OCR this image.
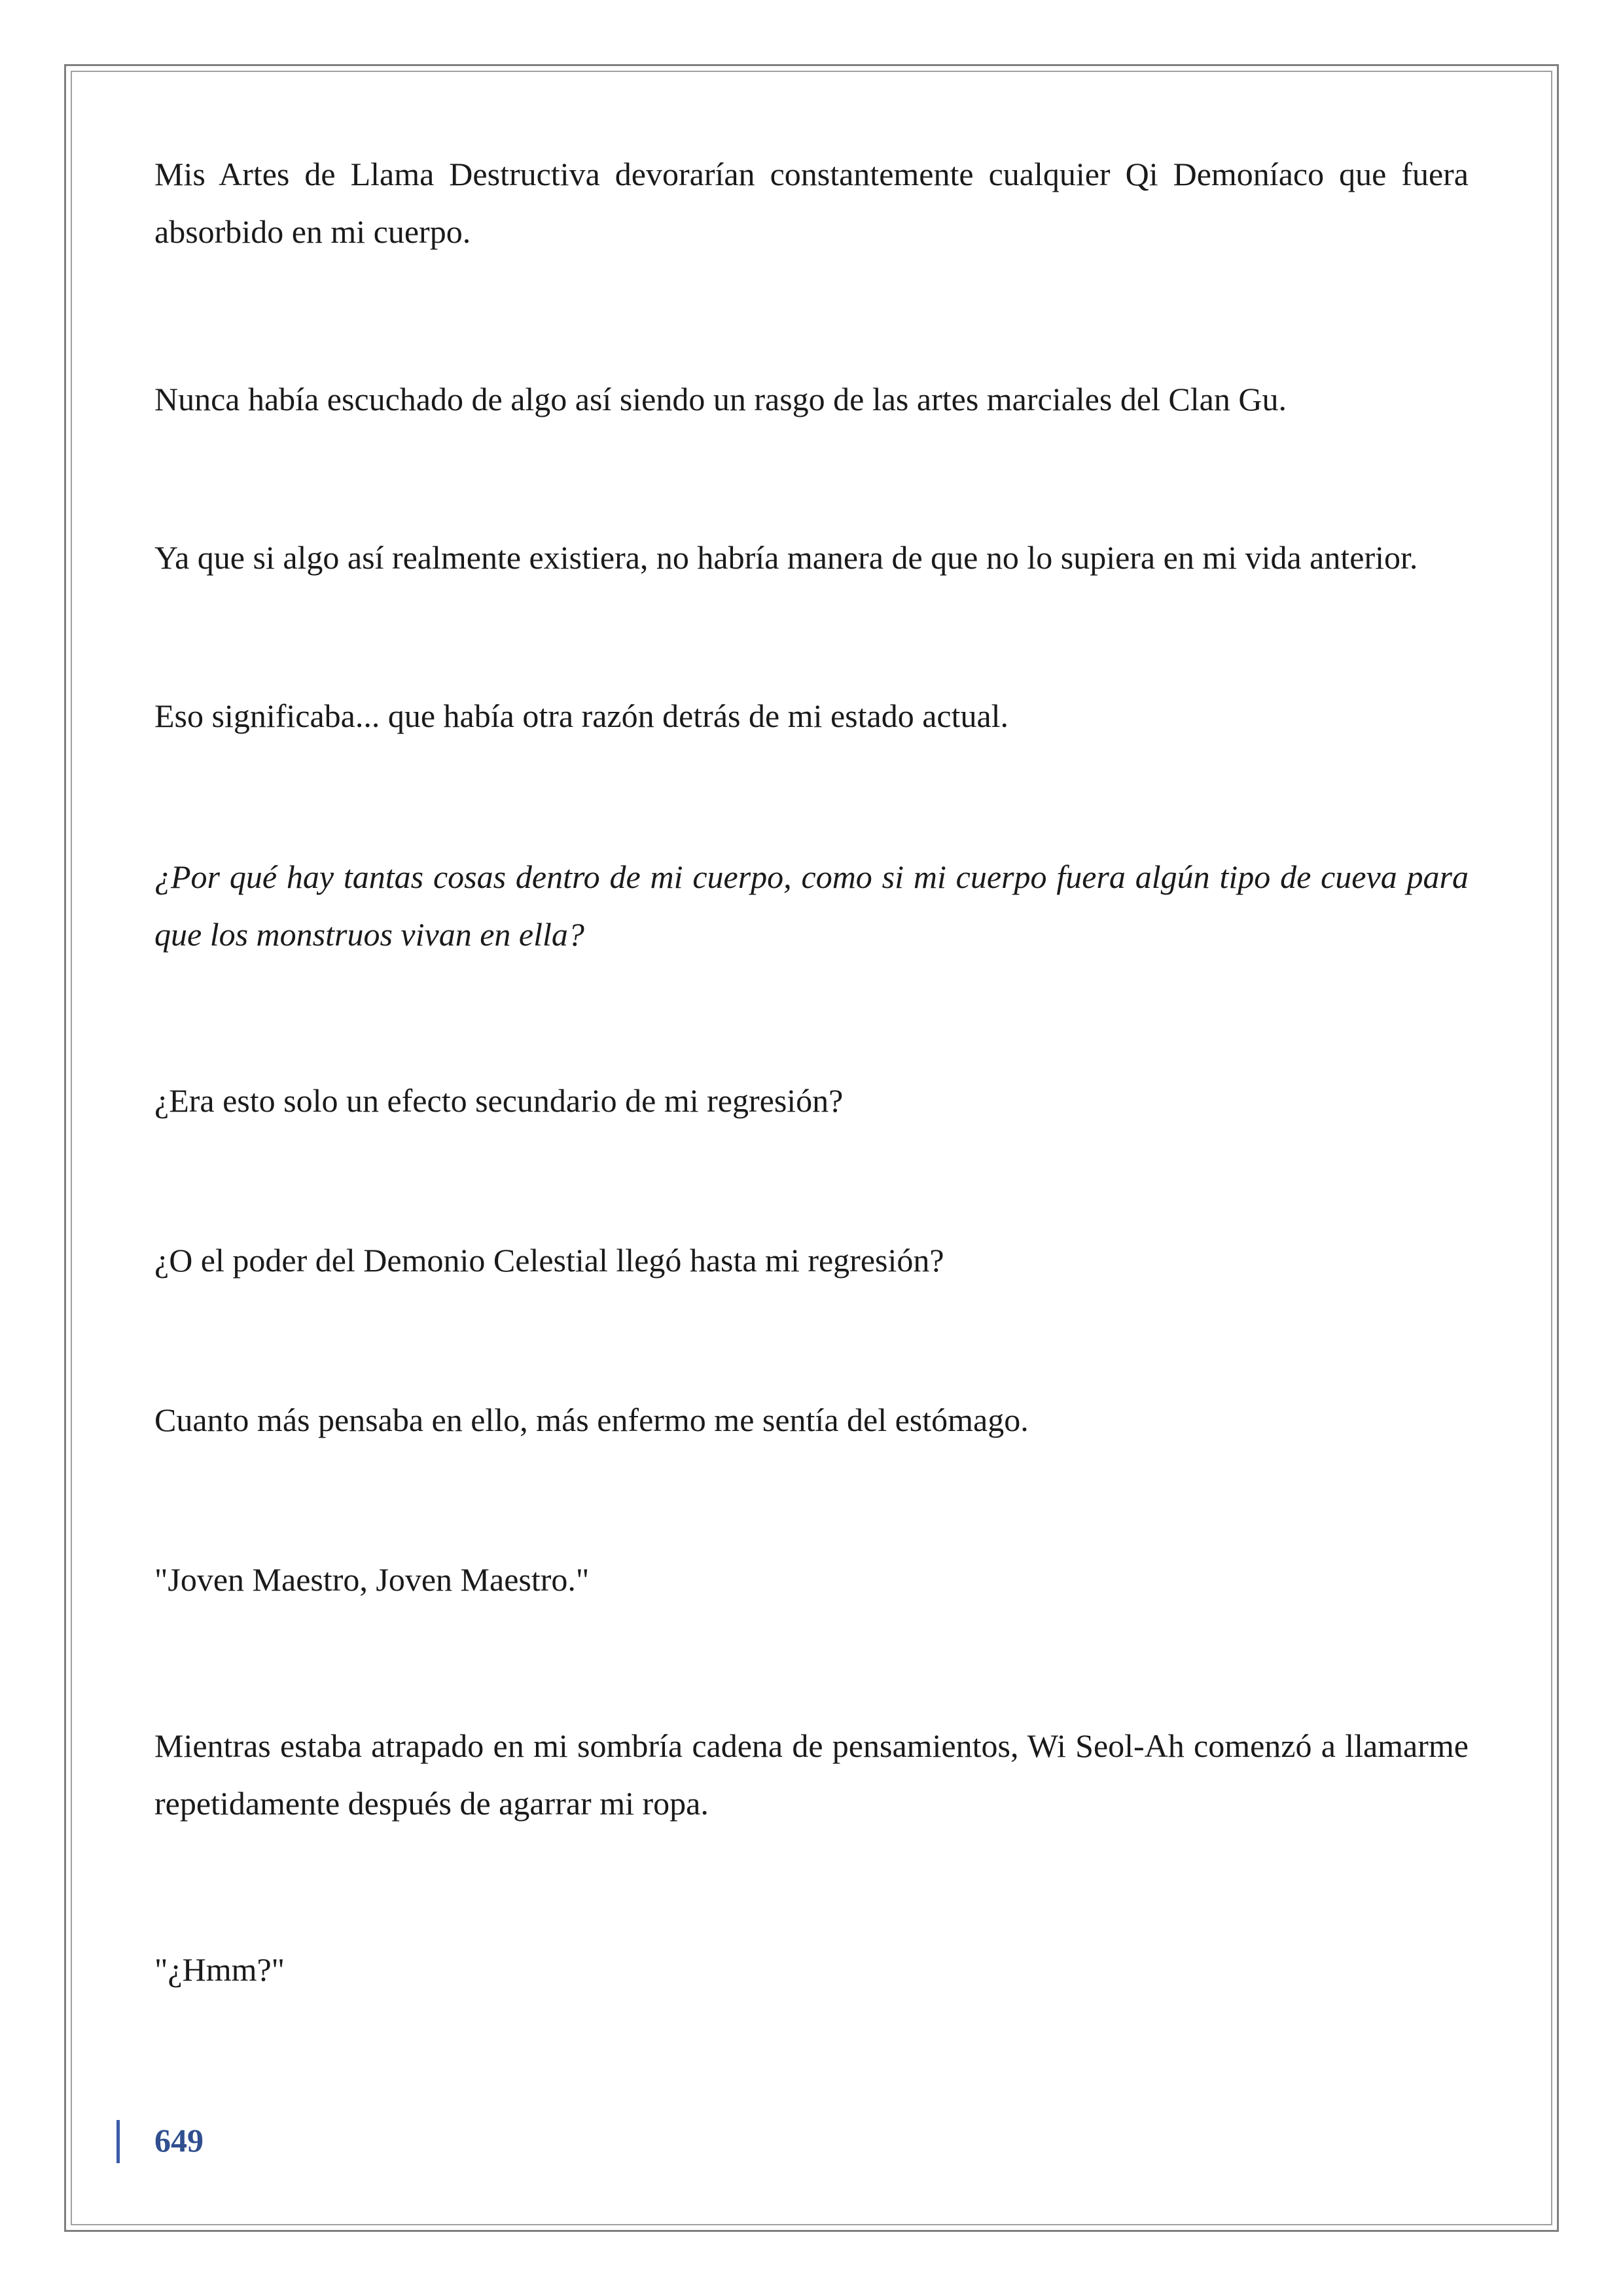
Mis Artes de Llama Destructiva devorarían constantemente cualquier Qi Demoníaco que fuera absorbido en mi cuerpo.

Nunca había escuchado de algo así siendo un rasgo de las artes marciales del Clan Gu.

Ya que si algo así realmente existiera, no habría manera de que no lo supiera en mi vida anterior.

Eso significaba... que había otra razón detrás de mi estado actual.

¿Por qué hay tantas cosas dentro de mi cuerpo, como si mi cuerpo fuera algún tipo de cueva para que los monstruos vivan en ella?

¿Era esto solo un efecto secundario de mi regresión?

¿O el poder del Demonio Celestial llegó hasta mi regresión?

Cuanto más pensaba en ello, más enfermo me sentía del estómago.

"Joven Maestro, Joven Maestro."

Mientras estaba atrapado en mi sombría cadena de pensamientos, Wi Seol-Ah comenzó a llamarme repetidamente después de agarrar mi ropa.

"¿Hmm?"

649
